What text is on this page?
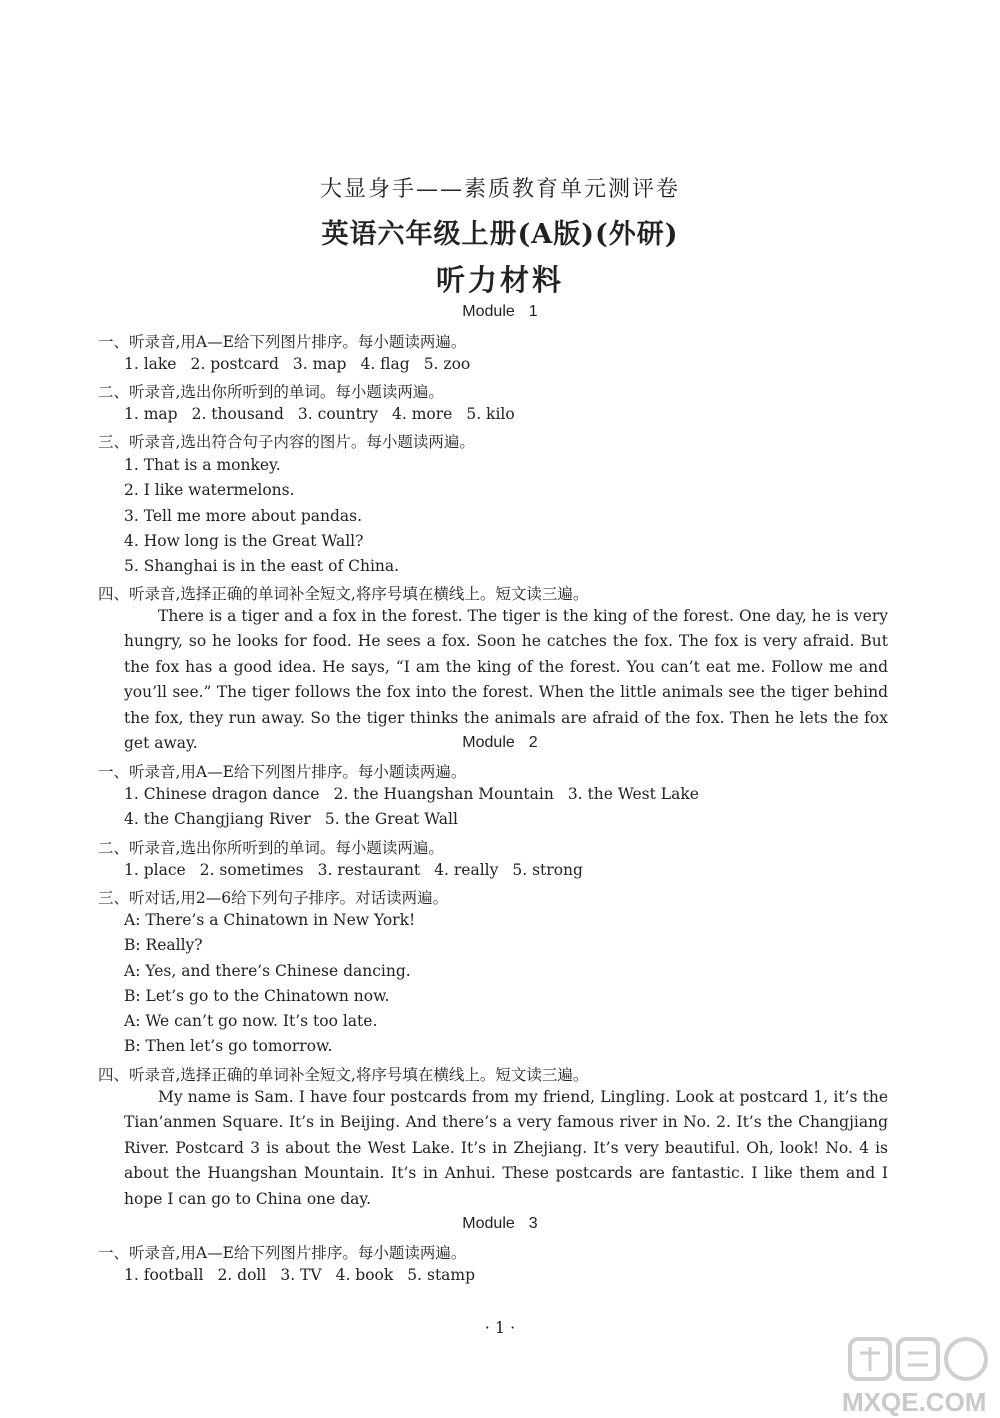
大显身手——素质教育单元测评卷
英语六年级上册(A版)(外研)
听力材料
Module 1
一、听录音,用A—E给下列图片排序。每小题读两遍。
1. lake 2. postcard 3. map 4. flag 5. zoo
二、听录音,选出你所听到的单词。每小题读两遍。
1. map 2. thousand 3. country 4. more 5. kilo
三、听录音,选出符合句子内容的图片。每小题读两遍。
1. That is a monkey.
2. I like watermelons.
3. Tell me more about pandas.
4. How long is the Great Wall?
5. Shanghai is in the east of China.
四、听录音,选择正确的单词补全短文,将序号填在横线上。短文读三遍。
There is a tiger and a fox in the forest. The tiger is the king of the forest. One day, he is very hungry, so he looks for food. He sees a fox. Soon he catches the fox. The fox is very afraid. But the fox has a good idea. He says, “I am the king of the forest. You can’t eat me. Follow me and you’ll see.” The tiger follows the fox into the forest. When the little animals see the tiger behind the fox, they run away. So the tiger thinks the animals are afraid of the fox. Then he lets the fox get away.	Module 2
一、听录音,用A—E给下列图片排序。每小题读两遍。
1. Chinese dragon dance 2. the Huangshan Mountain 3. the West Lake
4. the Changjiang River 5. the Great Wall
二、听录音,选出你所听到的单词。每小题读两遍。
1. place 2. sometimes 3. restaurant 4. really 5. strong
三、听对话,用2—6给下列句子排序。对话读两遍。
A: There’s a Chinatown in New York!
B: Really?
A: Yes, and there’s Chinese dancing.
B: Let’s go to the Chinatown now.
A: We can’t go now. It’s too late.
B: Then let’s go tomorrow.
四、听录音,选择正确的单词补全短文,将序号填在横线上。短文读三遍。
My name is Sam. I have four postcards from my friend, Lingling. Look at postcard 1, it’s the Tian’anmen Square. It’s in Beijing. And there’s a very famous river in No. 2. It’s the Changjiang River. Postcard 3 is about the West Lake. It’s in Zhejiang. It’s very beautiful. Oh, look! No. 4 is about the Huangshan Mountain. It’s in Anhui. These postcards are fantastic. I like them and I hope I can go to China one day.
Module 3
一、听录音,用A—E给下列图片排序。每小题读两遍。
1. football 2. doll 3. TV 4. book 5. stamp
· 1 ·
MXQE.COM
